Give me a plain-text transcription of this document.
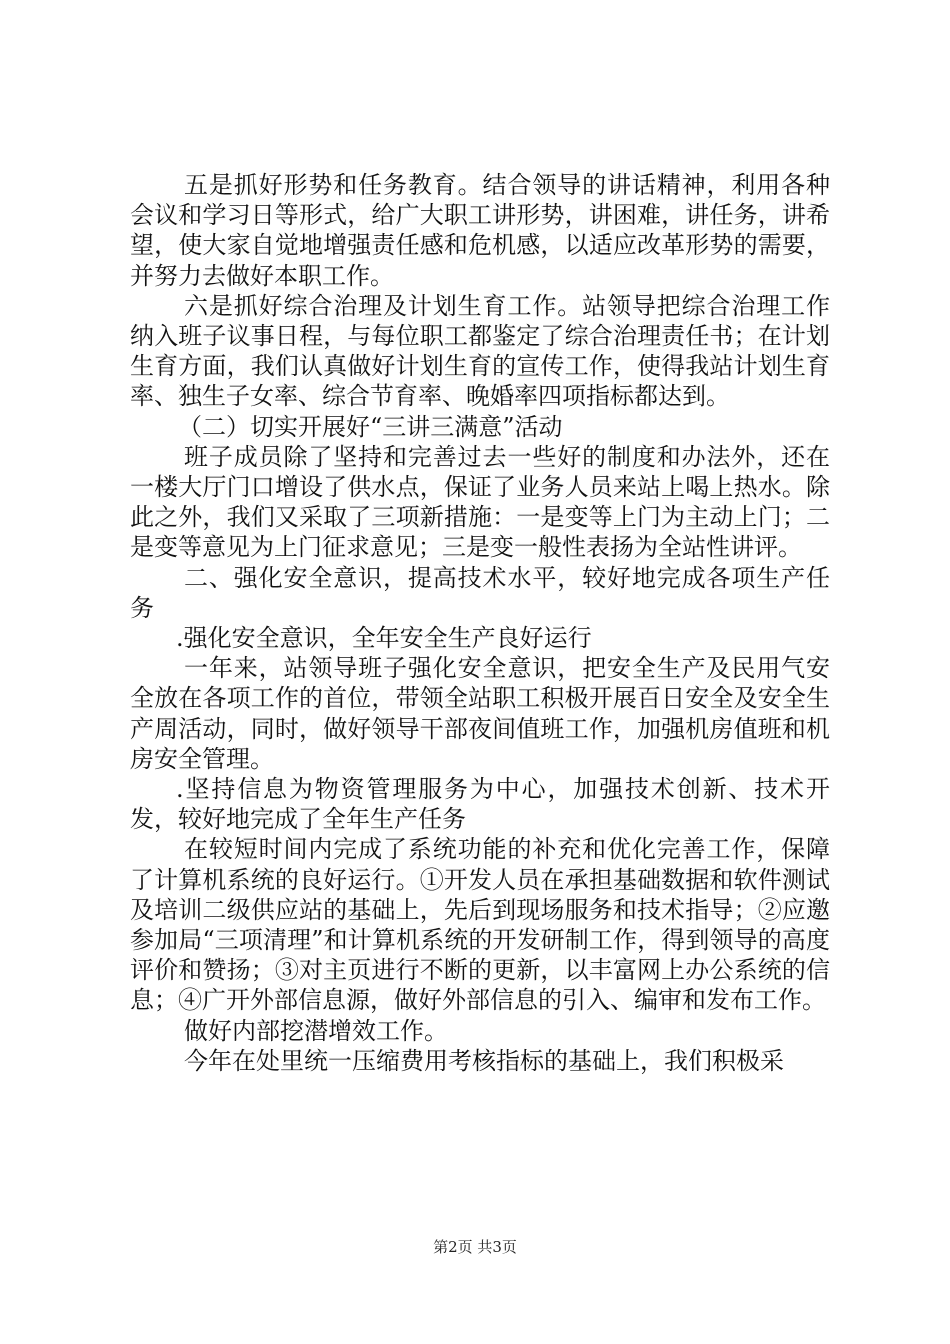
五是抓好形势和任务教育。结合领导的讲话精神，利用各种会议和学习日等形式，给广大职工讲形势，讲困难，讲任务，讲希望，使大家自觉地增强责任感和危机感，以适应改革形势的需要，并努力去做好本职工作。

六是抓好综合治理及计划生育工作。站领导把综合治理工作纳入班子议事日程，与每位职工都鉴定了综合治理责任书；在计划生育方面，我们认真做好计划生育的宣传工作，使得我站计划生育率、独生子女率、综合节育率、晚婚率四项指标都达到。

（二）切实开展好“三讲三满意”活动

班子成员除了坚持和完善过去一些好的制度和办法外，还在一楼大厅门口增设了供水点，保证了业务人员来站上喝上热水。除此之外，我们又采取了三项新措施：一是变等上门为主动上门；二是变等意见为上门征求意见；三是变一般性表扬为全站性讲评。

二、强化安全意识，提高技术水平，较好地完成各项生产任务

.强化安全意识，全年安全生产良好运行

一年来，站领导班子强化安全意识，把安全生产及民用气安全放在各项工作的首位，带领全站职工积极开展百日安全及安全生产周活动，同时，做好领导干部夜间值班工作，加强机房值班和机房安全管理。

.坚持信息为物资管理服务为中心，加强技术创新、技术开发，较好地完成了全年生产任务

在较短时间内完成了系统功能的补充和优化完善工作，保障了计算机系统的良好运行。①开发人员在承担基础数据和软件测试及培训二级供应站的基础上，先后到现场服务和技术指导；②应邀参加局“三项清理”和计算机系统的开发研制工作，得到领导的高度评价和赞扬；③对主页进行不断的更新，以丰富网上办公系统的信息；④广开外部信息源，做好外部信息的引入、编审和发布工作。

做好内部挖潜增效工作。

今年在处里统一压缩费用考核指标的基础上，我们积极采

第2页 共3页
